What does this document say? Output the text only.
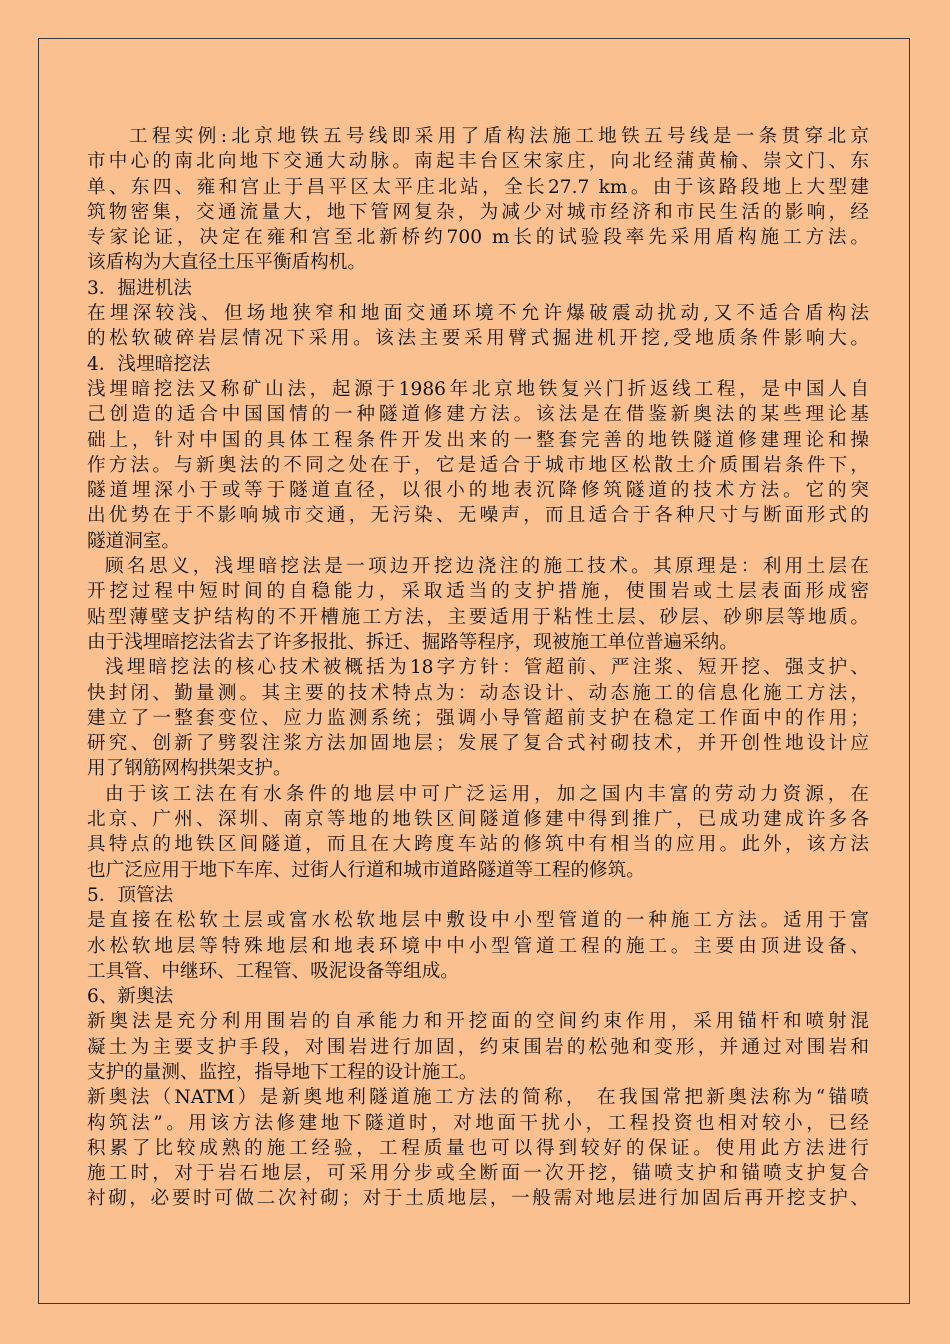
工程实例:北京地铁五号线即采用了盾构法施工地铁五号线是一条贯穿北京
市中心的南北向地下交通大动脉。南起丰台区宋家庄，向北经蒲黄榆、崇文门、东
单、东四、雍和宫止于昌平区太平庄北站，全长27.7 km。由于该路段地上大型建
筑物密集，交通流量大，地下管网复杂，为减少对城市经济和市民生活的影响，经
专家论证，决定在雍和宫至北新桥约700 m长的试验段率先采用盾构施工方法。
该盾构为大直径土压平衡盾构机。
3．掘进机法
在埋深较浅、但场地狭窄和地面交通环境不允许爆破震动扰动,又不适合盾构法
的松软破碎岩层情况下采用。该法主要采用臂式掘进机开挖,受地质条件影响大。
4．浅埋暗挖法
浅埋暗挖法又称矿山法，起源于1986年北京地铁复兴门折返线工程，是中国人自
己创造的适合中国国情的一种隧道修建方法。该法是在借鉴新奥法的某些理论基
础上，针对中国的具体工程条件开发出来的一整套完善的地铁隧道修建理论和操
作方法。与新奥法的不同之处在于，它是适合于城市地区松散土介质围岩条件下，
隧道埋深小于或等于隧道直径，以很小的地表沉降修筑隧道的技术方法。它的突
出优势在于不影响城市交通，无污染、无噪声，而且适合于各种尺寸与断面形式的
隧道洞室。
顾名思义，浅埋暗挖法是一项边开挖边浇注的施工技术。其原理是：利用土层在
开挖过程中短时间的自稳能力，采取适当的支护措施，使围岩或土层表面形成密
贴型薄壁支护结构的不开槽施工方法，主要适用于粘性土层、砂层、砂卵层等地质。
由于浅埋暗挖法省去了许多报批、拆迁、掘路等程序，现被施工单位普遍采纳。
浅埋暗挖法的核心技术被概括为18字方针：管超前、严注浆、短开挖、强支护、
快封闭、勤量测。其主要的技术特点为：动态设计、动态施工的信息化施工方法，
建立了一整套变位、应力监测系统；强调小导管超前支护在稳定工作面中的作用；
研究、创新了劈裂注浆方法加固地层；发展了复合式衬砌技术，并开创性地设计应
用了钢筋网构拱架支护。
由于该工法在有水条件的地层中可广泛运用，加之国内丰富的劳动力资源，在
北京、广州、深圳、南京等地的地铁区间隧道修建中得到推广，已成功建成许多各
具特点的地铁区间隧道，而且在大跨度车站的修筑中有相当的应用。此外，该方法
也广泛应用于地下车库、过街人行道和城市道路隧道等工程的修筑。
5．顶管法
是直接在松软土层或富水松软地层中敷设中小型管道的一种施工方法。适用于富
水松软地层等特殊地层和地表环境中中小型管道工程的施工。主要由顶进设备、
工具管、中继环、工程管、吸泥设备等组成。
6、新奥法
新奥法是充分利用围岩的自承能力和开挖面的空间约束作用，采用锚杆和喷射混
凝土为主要支护手段，对围岩进行加固，约束围岩的松弛和变形，并通过对围岩和
支护的量测、监控，指导地下工程的设计施工。
新奥法（NATM）是新奥地利隧道施工方法的简称， 在我国常把新奥法称为“锚喷
构筑法”。用该方法修建地下隧道时，对地面干扰小，工程投资也相对较小，已经
积累了比较成熟的施工经验，工程质量也可以得到较好的保证。使用此方法进行
施工时，对于岩石地层，可采用分步或全断面一次开挖，锚喷支护和锚喷支护复合
衬砌，必要时可做二次衬砌；对于土质地层，一般需对地层进行加固后再开挖支护、
